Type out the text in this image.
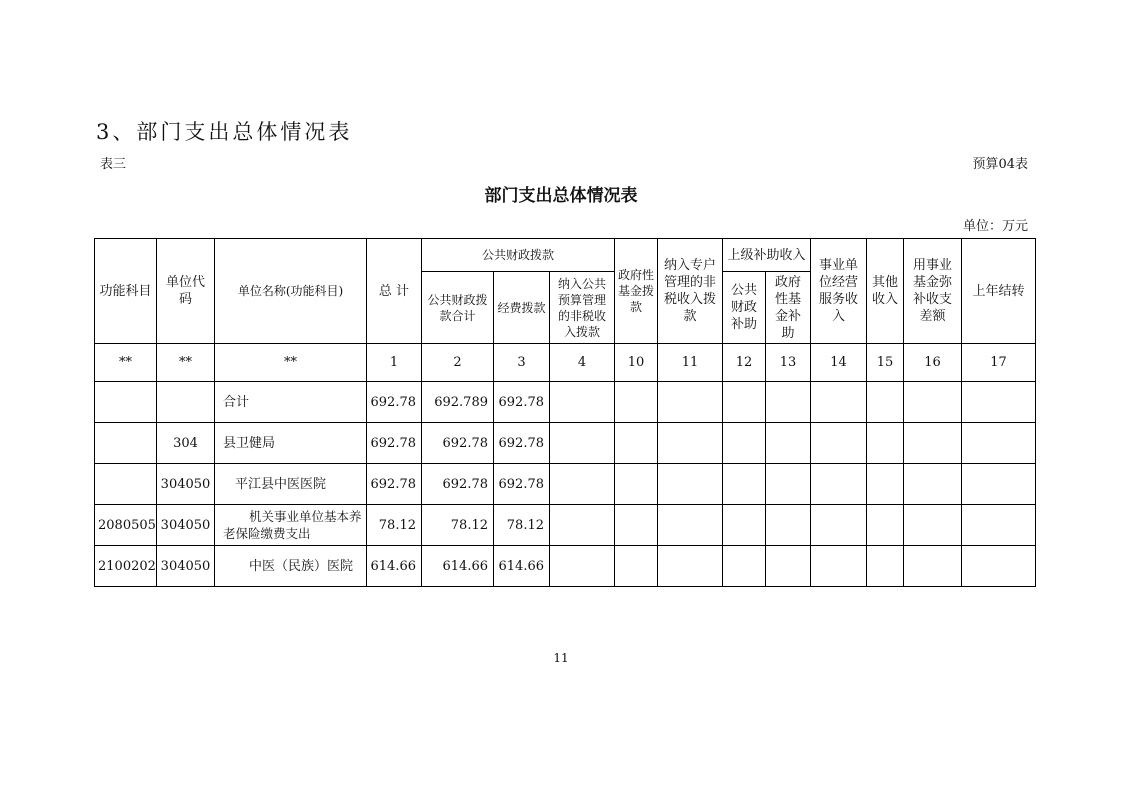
3、部门支出总体情况表
表三	预算04表
部门支出总体情况表
单位：万元
功能科目	单位代码	单位名称(功能科目)	总 计	公共财政拨款			政府性基金拨款	纳入专户管理的非税收入拨款	上级补助收入		事业单位经营服务收入	其他收入	用事业基金弥补收支差额	上年结转
				公共财政拨款合计	经费拨款	纳入公共预算管理的非税收入拨款								
									公共财政补助	政府性基金补助				
**	**	**	1	2	3	4	10	11	12	13	14	15	16	17
		合计	692.78	692.789	692.78									
	304	县卫健局	692.78	692.78	692.78									
	304050	平江县中医医院	692.78	692.78	692.78									
2080505	304050	机关事业单位基本养老保险缴费支出	78.12	78.12	78.12									
2100202	304050	中医（民族）医院	614.66	614.66	614.66									
11
